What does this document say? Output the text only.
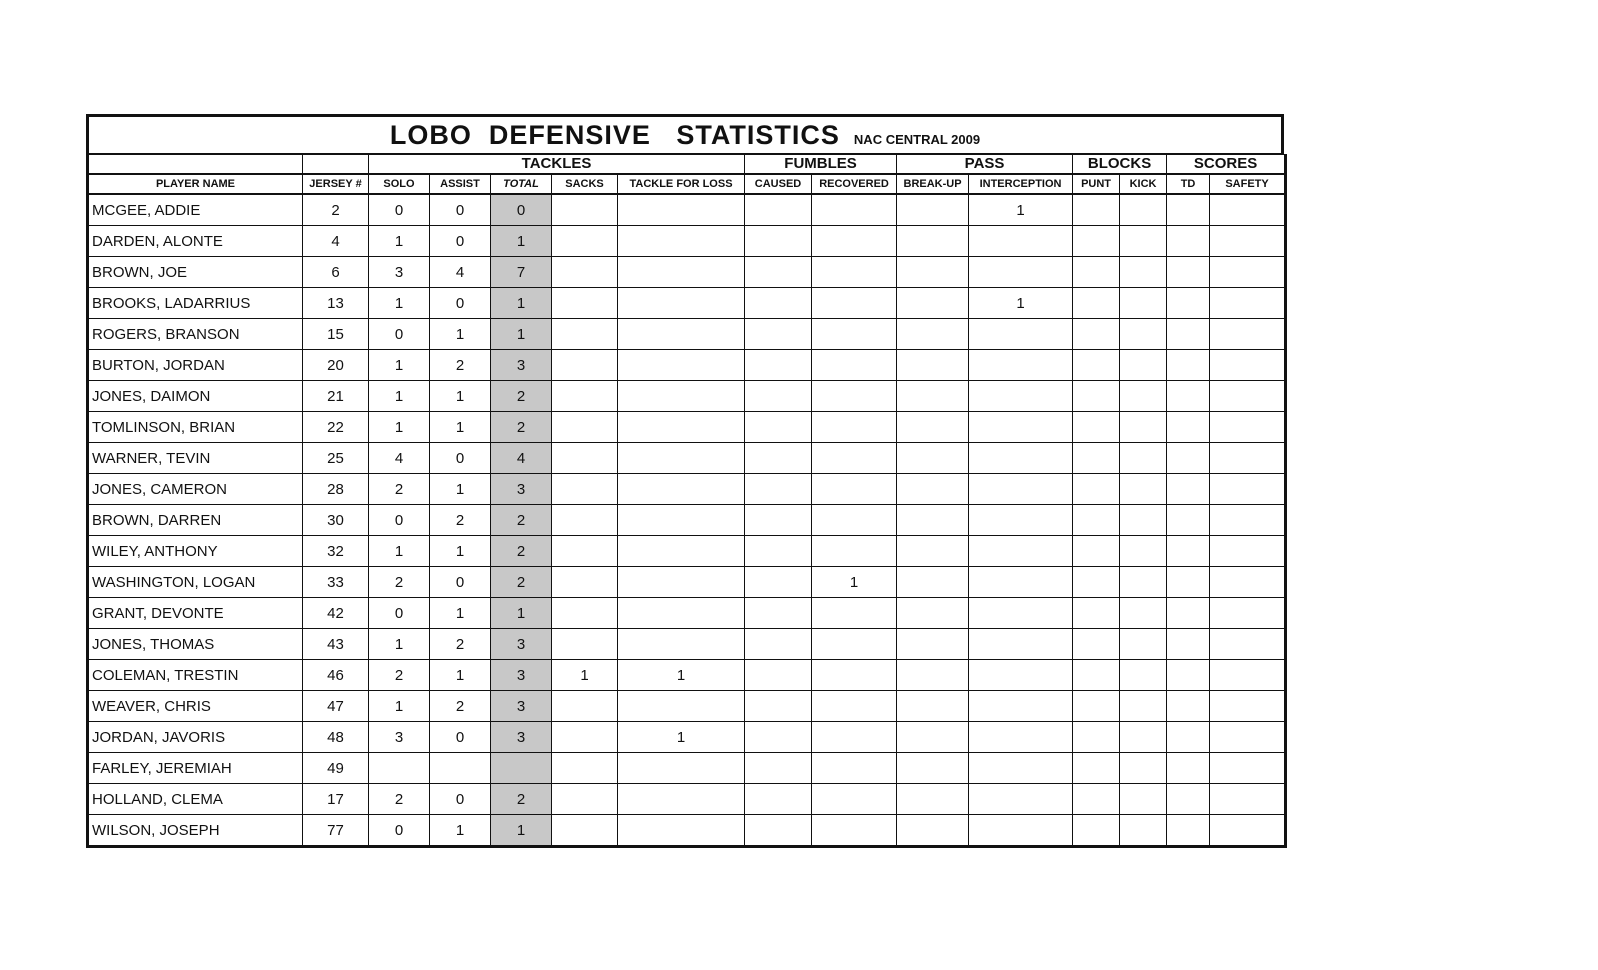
LOBO  DEFENSIVE   STATISTICS NAC CENTRAL 2009
		TACKLES					FUMBLES		PASS		BLOCKS		SCORES	
PLAYER NAME	JERSEY #	SOLO	ASSIST	TOTAL	SACKS	TACKLE FOR LOSS	CAUSED	RECOVERED	BREAK-UP	INTERCEPTION	PUNT	KICK	TD	SAFETY
MCGEE, ADDIE	2	0	0	0						1				
DARDEN, ALONTE	4	1	0	1										
BROWN, JOE	6	3	4	7										
BROOKS, LADARRIUS	13	1	0	1						1				
ROGERS, BRANSON	15	0	1	1										
BURTON, JORDAN	20	1	2	3										
JONES, DAIMON	21	1	1	2										
TOMLINSON, BRIAN	22	1	1	2										
WARNER, TEVIN	25	4	0	4										
JONES, CAMERON	28	2	1	3										
BROWN, DARREN	30	0	2	2										
WILEY, ANTHONY	32	1	1	2										
WASHINGTON, LOGAN	33	2	0	2				1						
GRANT, DEVONTE	42	0	1	1										
JONES, THOMAS	43	1	2	3										
COLEMAN, TRESTIN	46	2	1	3	1	1								
WEAVER, CHRIS	47	1	2	3										
JORDAN, JAVORIS	48	3	0	3		1								
FARLEY, JEREMIAH	49													
HOLLAND, CLEMA	17	2	0	2										
WILSON, JOSEPH	77	0	1	1										
